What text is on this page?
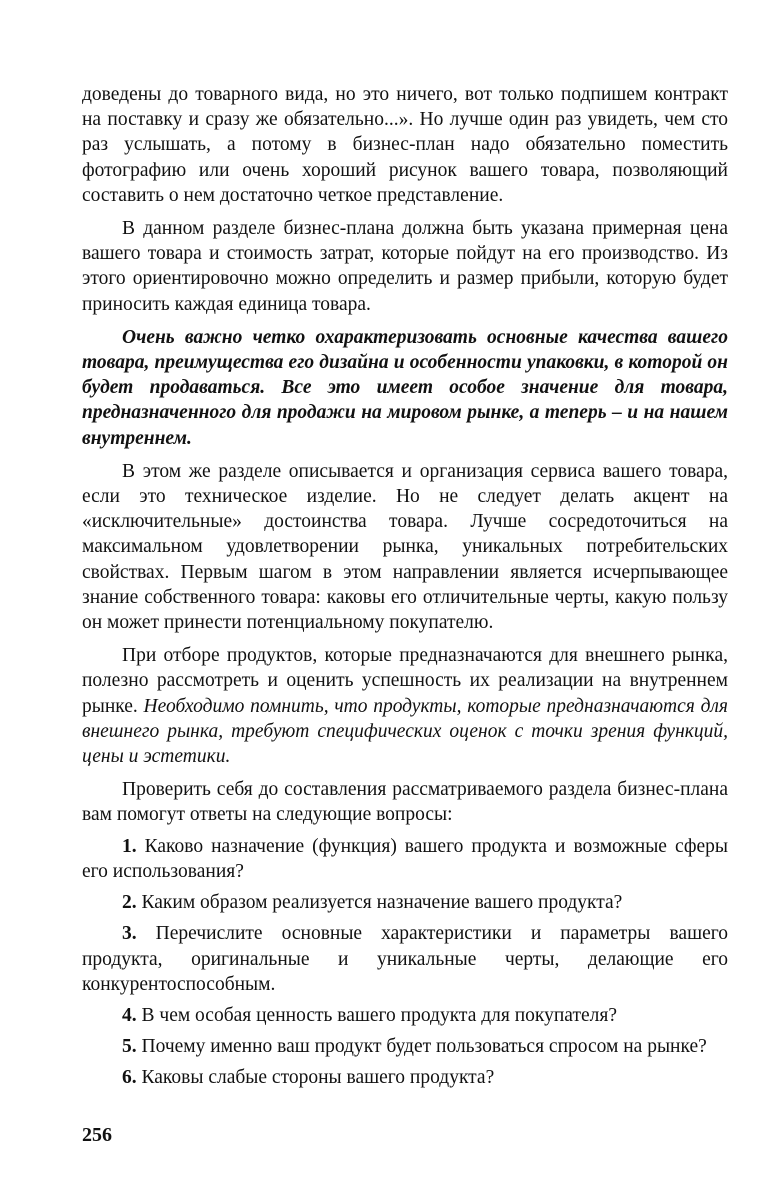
доведены до товарного вида, но это ничего, вот только подпишем контракт на поставку и сразу же обязательно...». Но лучше один раз увидеть, чем сто раз услышать, а потому в бизнес-план надо обязательно поместить фотографию или очень хороший рисунок вашего товара, позволяющий составить о нем достаточно четкое представление.

В данном разделе бизнес-плана должна быть указана примерная цена вашего товара и стоимость затрат, которые пойдут на его производство. Из этого ориентировочно можно определить и размер прибыли, которую будет приносить каждая единица товара.

Очень важно четко охарактеризовать основные качества вашего товара, преимущества его дизайна и особенности упаковки, в которой он будет продаваться. Все это имеет особое значение для товара, предназначенного для продажи на мировом рынке, а теперь – и на нашем внутреннем.

В этом же разделе описывается и организация сервиса вашего товара, если это техническое изделие. Но не следует делать акцент на «исключительные» достоинства товара. Лучше сосредоточиться на максимальном удовлетворении рынка, уникальных потребительских свойствах. Первым шагом в этом направлении является исчерпывающее знание собственного товара: каковы его отличительные черты, какую пользу он может принести потенциальному покупателю.

При отборе продуктов, которые предназначаются для внешнего рынка, полезно рассмотреть и оценить успешность их реализации на внутреннем рынке. Необходимо помнить, что продукты, которые предназначаются для внешнего рынка, требуют специфических оценок с точки зрения функций, цены и эстетики.

Проверить себя до составления рассматриваемого раздела бизнес-плана вам помогут ответы на следующие вопросы:

1. Каково назначение (функция) вашего продукта и возможные сферы его использования?

2. Каким образом реализуется назначение вашего продукта?

3. Перечислите основные характеристики и параметры вашего продукта, оригинальные и уникальные черты, делающие его конкурентоспособным.

4. В чем особая ценность вашего продукта для покупателя?

5. Почему именно ваш продукт будет пользоваться спросом на рынке?

6. Каковы слабые стороны вашего продукта?

256
